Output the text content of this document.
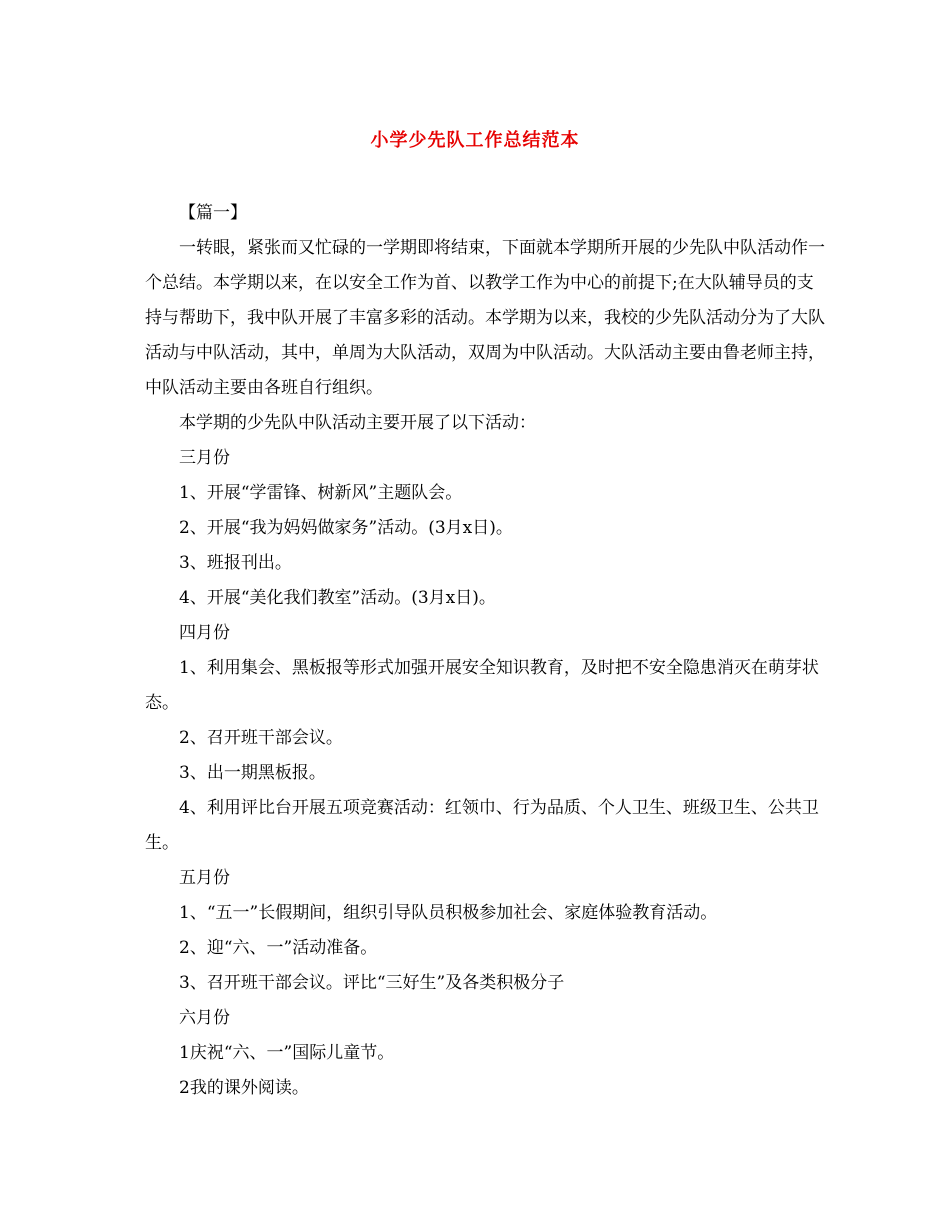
小学少先队工作总结范本

【篇一】

一转眼，紧张而又忙碌的一学期即将结束，下面就本学期所开展的少先队中队活动作一个总结。本学期以来，在以安全工作为首、以教学工作为中心的前提下;在大队辅导员的支持与帮助下，我中队开展了丰富多彩的活动。本学期为以来，我校的少先队活动分为了大队活动与中队活动，其中，单周为大队活动，双周为中队活动。大队活动主要由鲁老师主持，中队活动主要由各班自行组织。

本学期的少先队中队活动主要开展了以下活动：

三月份

1、开展“学雷锋、树新风”主题队会。

2、开展“我为妈妈做家务”活动。(3月x日)。

3、班报刊出。

4、开展“美化我们教室”活动。(3月x日)。

四月份

1、利用集会、黑板报等形式加强开展安全知识教育，及时把不安全隐患消灭在萌芽状态。

2、召开班干部会议。

3、出一期黑板报。

4、利用评比台开展五项竞赛活动：红领巾、行为品质、个人卫生、班级卫生、公共卫生。

五月份

1、“五一”长假期间，组织引导队员积极参加社会、家庭体验教育活动。

2、迎“六、一”活动准备。

3、召开班干部会议。评比“三好生”及各类积极分子

六月份

1庆祝“六、一”国际儿童节。

2我的课外阅读。
